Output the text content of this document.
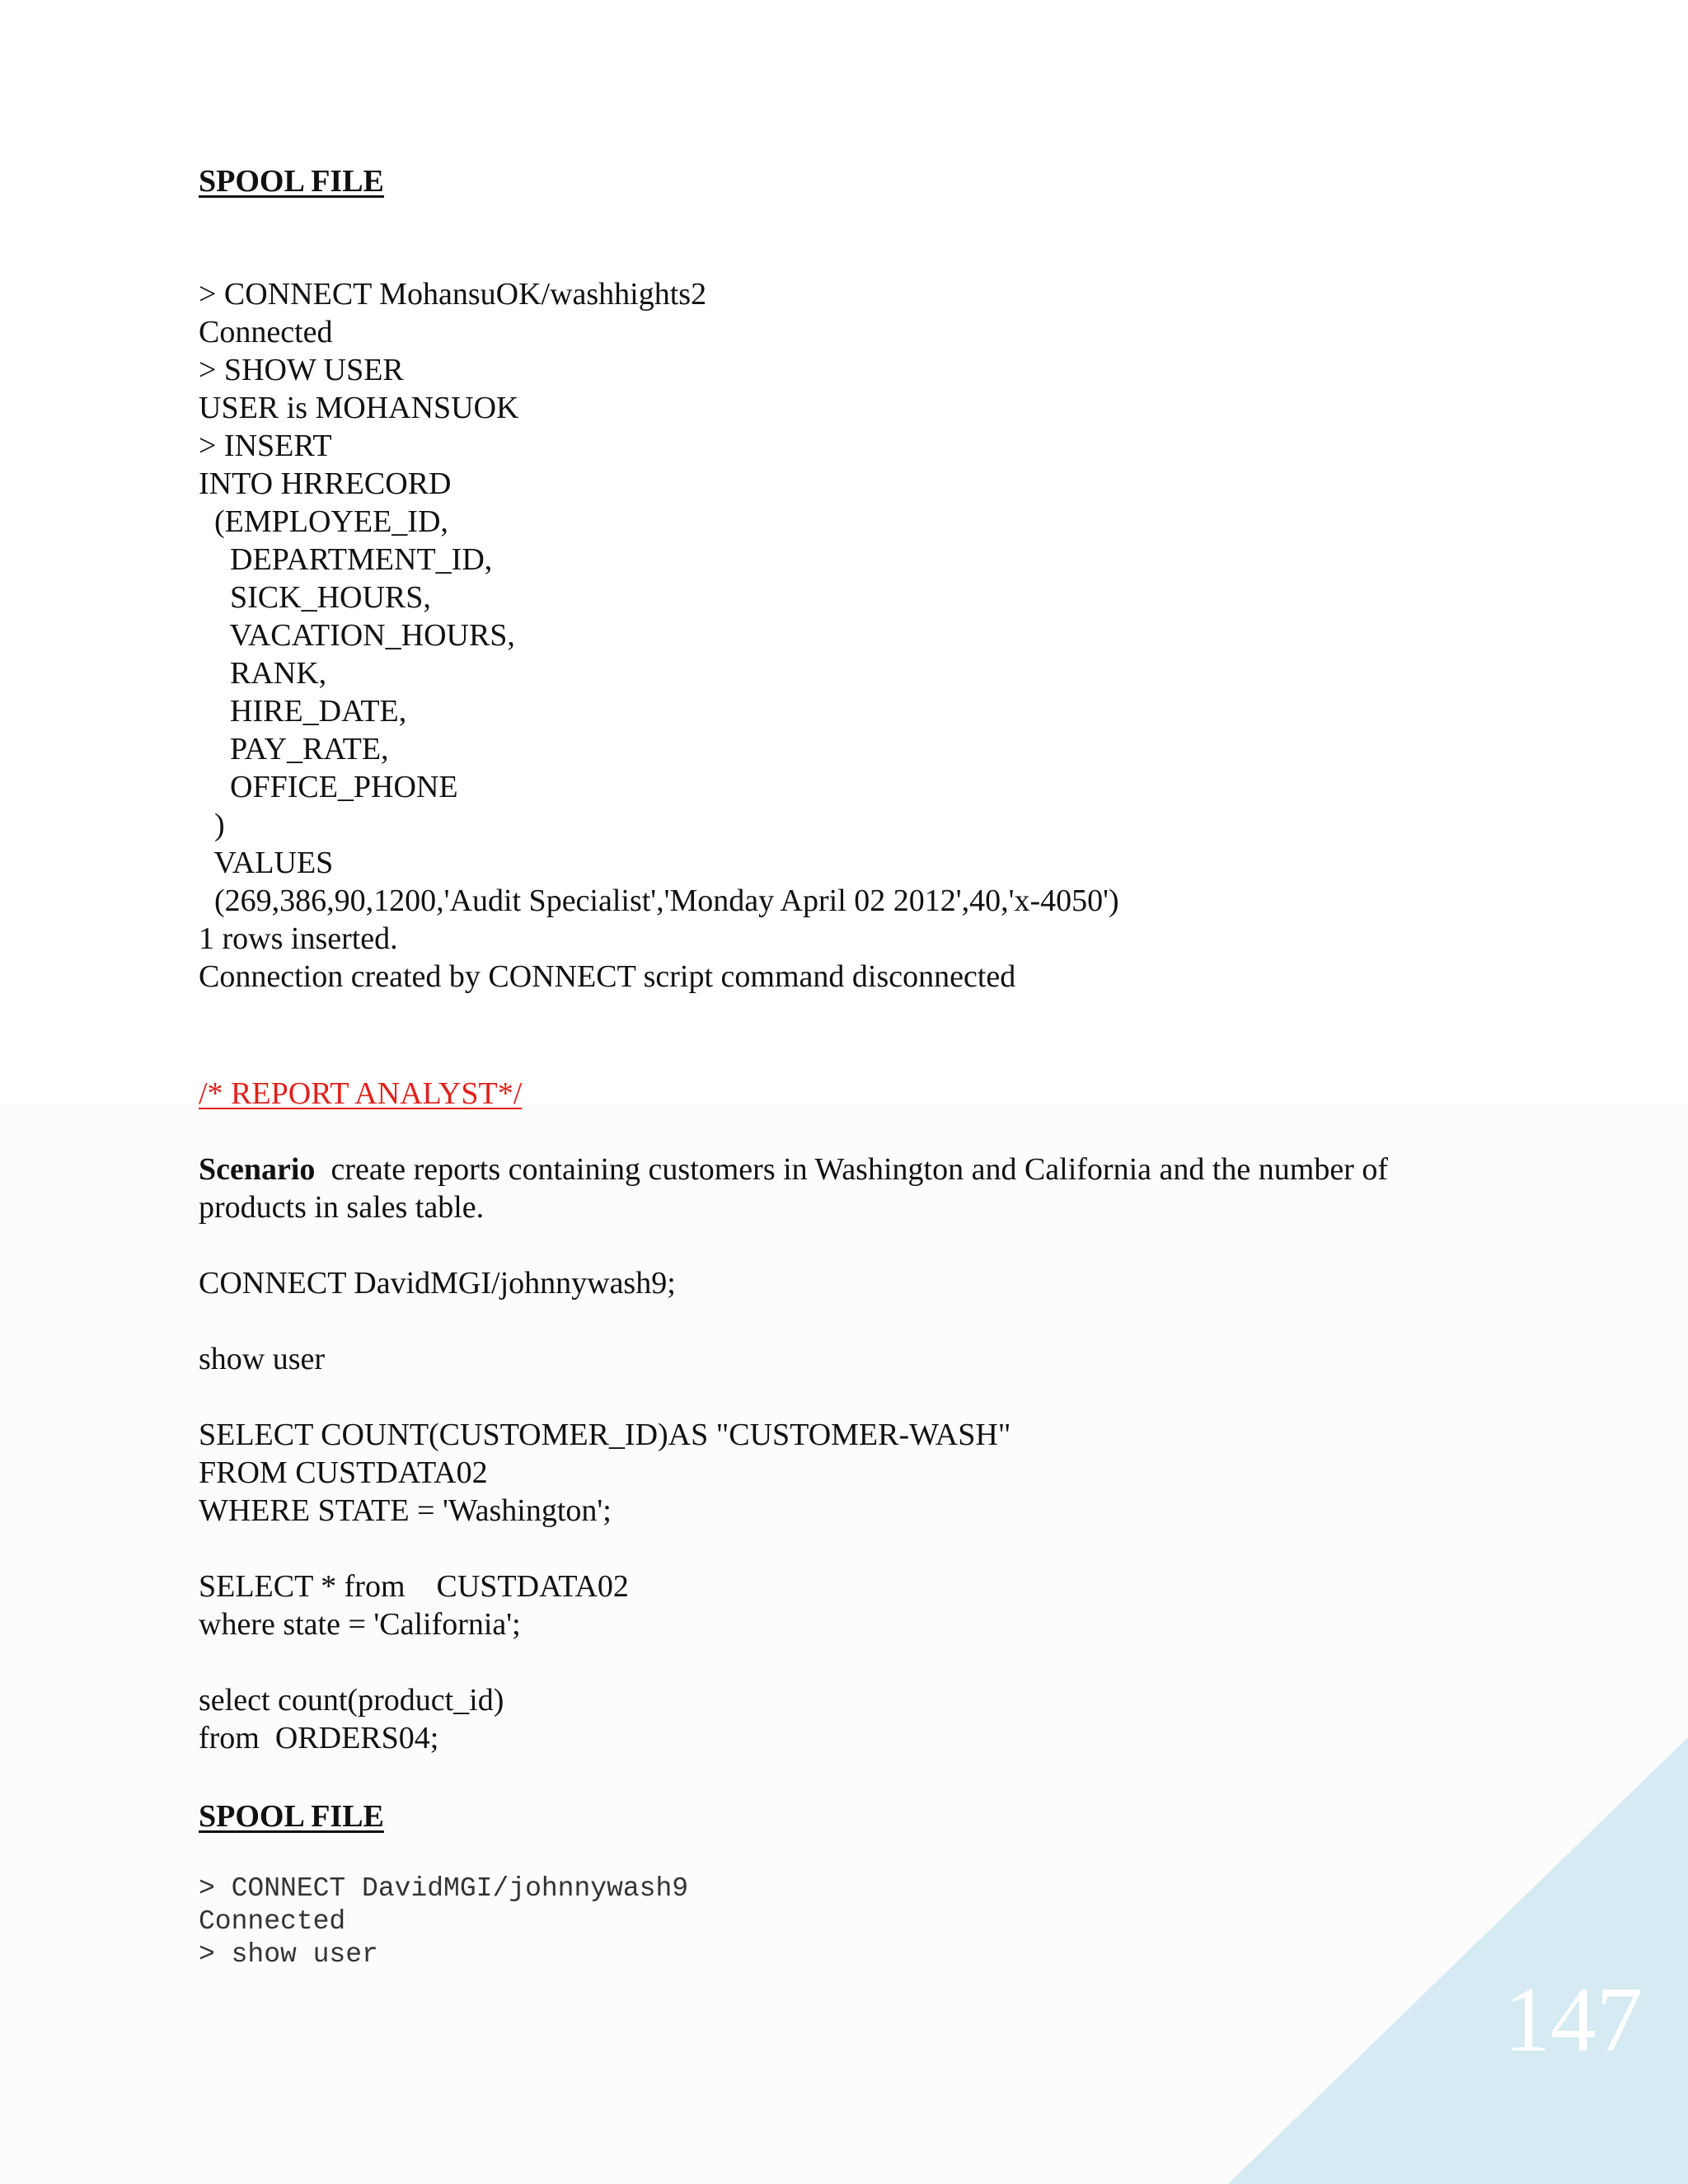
147
SPOOL FILE
> CONNECT MohansuOK/washhights2
Connected
> SHOW USER
USER is MOHANSUOK
> INSERT
INTO HRRECORD
(EMPLOYEE_ID,
DEPARTMENT_ID,
SICK_HOURS,
VACATION_HOURS,
RANK,
HIRE_DATE,
PAY_RATE,
OFFICE_PHONE
)
VALUES
(269,386,90,1200,'Audit Specialist','Monday April 02 2012',40,'x-4050')
1 rows inserted.
Connection created by CONNECT script command disconnected
/* REPORT ANALYST*/
Scenario  create reports containing customers in Washington and California and the number of
products in sales table.
CONNECT DavidMGI/johnnywash9;
show user
SELECT COUNT(CUSTOMER_ID)AS "CUSTOMER-WASH"
FROM CUSTDATA02
WHERE STATE = 'Washington';
SELECT * from    CUSTDATA02
where state = 'California';
select count(product_id)
from  ORDERS04;
SPOOL FILE
> CONNECT DavidMGI/johnnywash9
Connected
> show user
